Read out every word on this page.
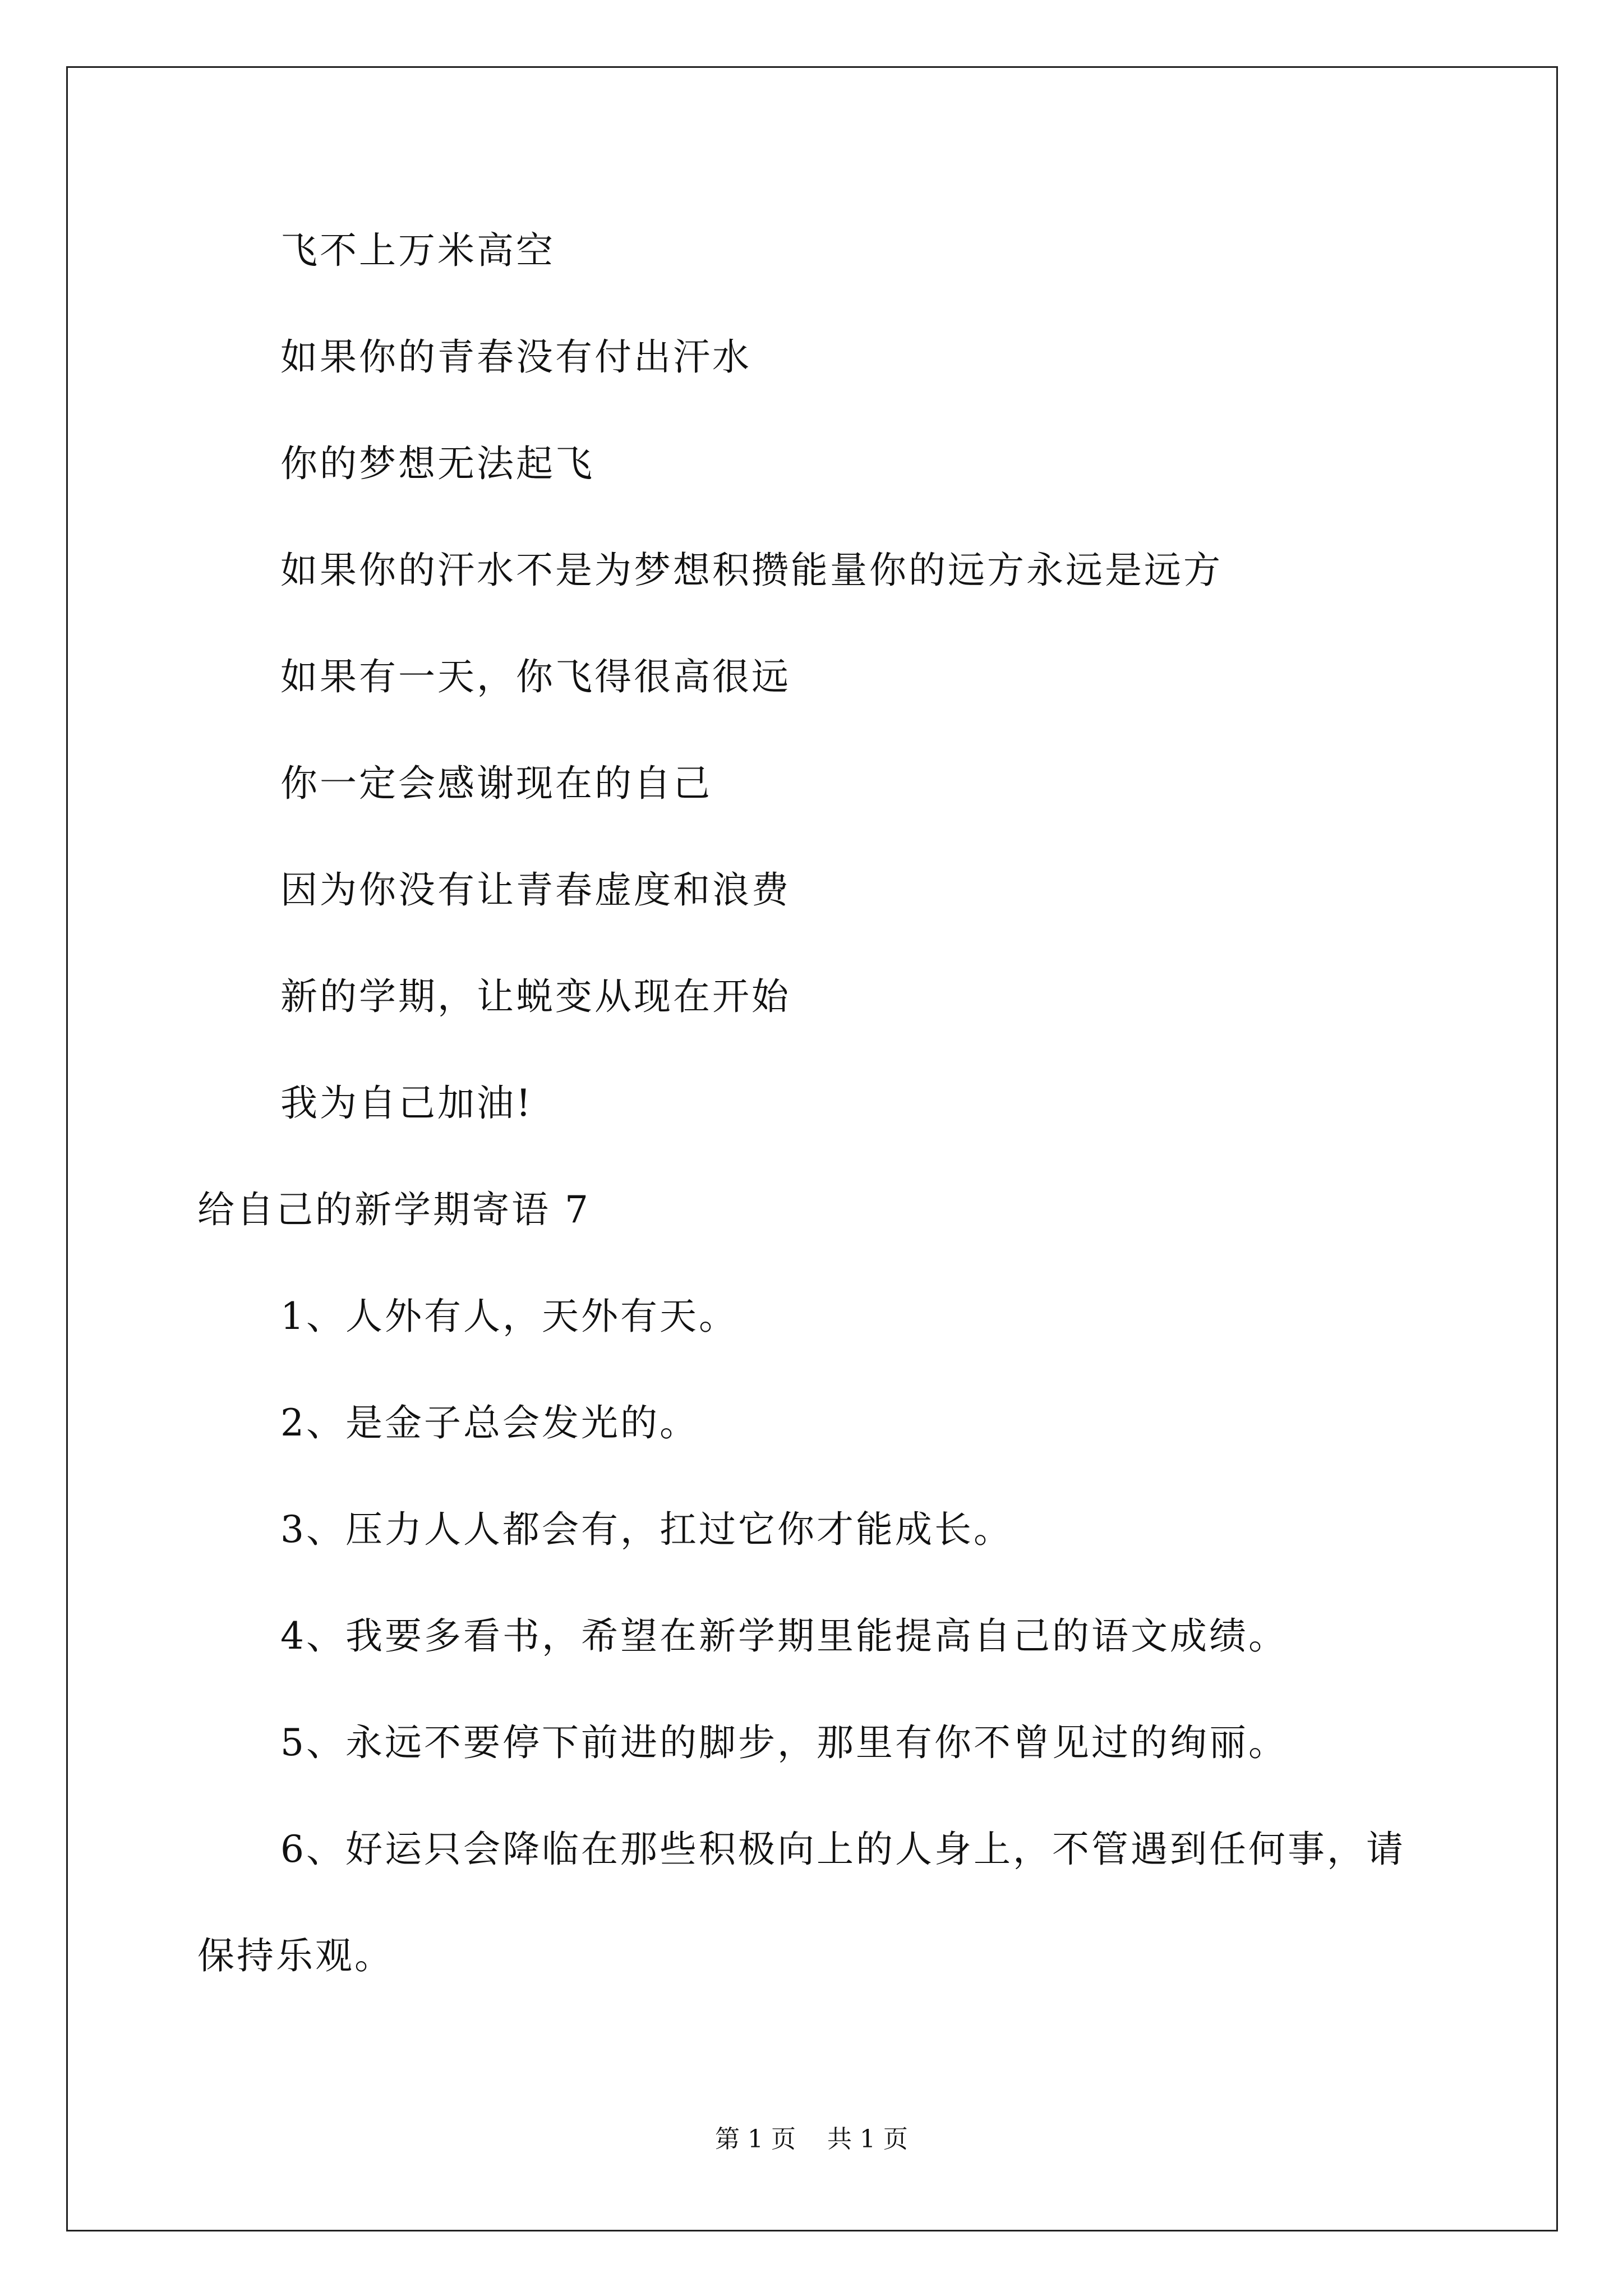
飞不上万米高空
如果你的青春没有付出汗水
你的梦想无法起飞
如果你的汗水不是为梦想积攒能量你的远方永远是远方
如果有一天，你飞得很高很远
你一定会感谢现在的自己
因为你没有让青春虚度和浪费
新的学期，让蜕变从现在开始
我为自己加油!
给自己的新学期寄语 7
1、人外有人，天外有天。
2、是金子总会发光的。
3、压力人人都会有，扛过它你才能成长。
4、我要多看书，希望在新学期里能提高自己的语文成绩。
5、永远不要停下前进的脚步，那里有你不曾见过的绚丽。
6、好运只会降临在那些积极向上的人身上，不管遇到任何事，请
保持乐观。
第 1 页    共 1 页
